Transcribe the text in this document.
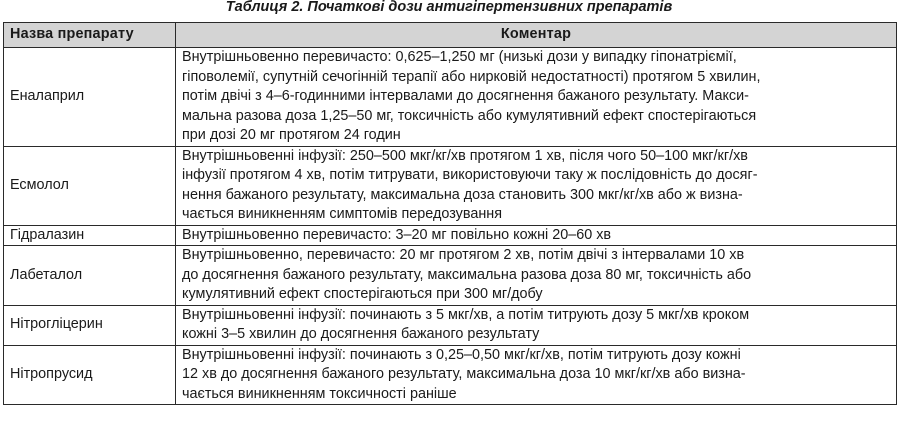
Таблиця 2. Початкові дози антигіпертензивних препаратів
Назва препарату	Коментар
Еналаприл	Внутрішньовенно перевичасто: 0,625–1,250 мг (низькі дози у випадку гіпонатріємії,
гіповолемії, супутній сечогінній терапії або нирковій недостатності) протягом 5 хвилин,
потім двічі з 4–6-годинними інтервалами до досягнення бажаного результату. Макси-
мальна разова доза 1,25–50 мг, токсичність або кумулятивний ефект спостерігаються
при дозі 20 мг протягом 24 годин

Есмолол	Внутрішньовенні інфузії: 250–500 мкг/кг/хв протягом 1 хв, після чого 50–100 мкг/кг/хв
інфузії протягом 4 хв, потім титрувати, використовуючи таку ж послідовність до досяг-
нення бажаного результату, максимальна доза становить 300 мкг/кг/хв або ж визна-
чається виникненням симптомів передозування

Гідралазин	Внутрішньовенно перевичасто: 3–20 мг повільно кожні 20–60 хв

Лабеталол	Внутрішньовенно, перевичасто: 20 мг протягом 2 хв, потім двічі з інтервалами 10 хв
до досягнення бажаного результату, максимальна разова доза 80 мг, токсичність або
кумулятивний ефект спостерігаються при 300 мг/добу

Нітрогліцерин	Внутрішньовенні інфузії: починають з 5 мкг/хв, а потім титрують дозу 5 мкг/хв кроком
кожні 3–5 хвилин до досягнення бажаного результату

Нітропрусид	Внутрішньовенні інфузії: починають з 0,25–0,50 мкг/кг/хв, потім титрують дозу кожні
12 хв до досягнення бажаного результату, максимальна доза 10 мкг/кг/хв або визна-
чається виникненням токсичності раніше
